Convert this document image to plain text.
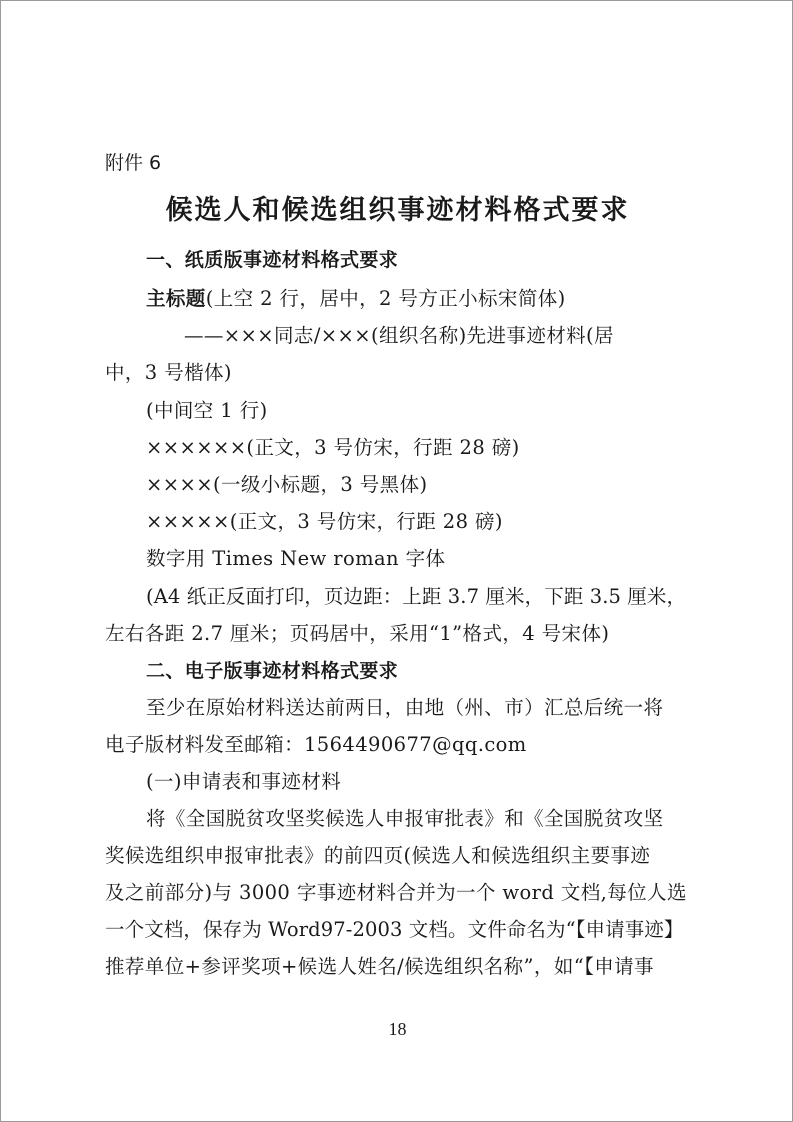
附件 6
候选人和候选组织事迹材料格式要求
一、纸质版事迹材料格式要求
主标题(上空 2 行，居中，2 号方正小标宋简体)
——×××同志/×××(组织名称)先进事迹材料(居
中，3 号楷体)
(中间空 1 行)
××××××(正文，3 号仿宋，行距 28 磅)
××××(一级小标题，3 号黑体)
×××××(正文，3 号仿宋，行距 28 磅)
数字用 Times New roman 字体
(A4 纸正反面打印，页边距：上距 3.7 厘米，下距 3.5 厘米，
左右各距 2.7 厘米；页码居中，采用“1”格式，4 号宋体)
二、电子版事迹材料格式要求
至少在原始材料送达前两日，由地（州、市）汇总后统一将
电子版材料发至邮箱：1564490677@qq.com
(一)申请表和事迹材料
将《全国脱贫攻坚奖候选人申报审批表》和《全国脱贫攻坚
奖候选组织申报审批表》的前四页(候选人和候选组织主要事迹
及之前部分)与 3000 字事迹材料合并为一个 word 文档,每位人选
一个文档，保存为 Word97-2003 文档。文件命名为“【申请事迹】
推荐单位+参评奖项+候选人姓名/候选组织名称”，如“【申请事
18
